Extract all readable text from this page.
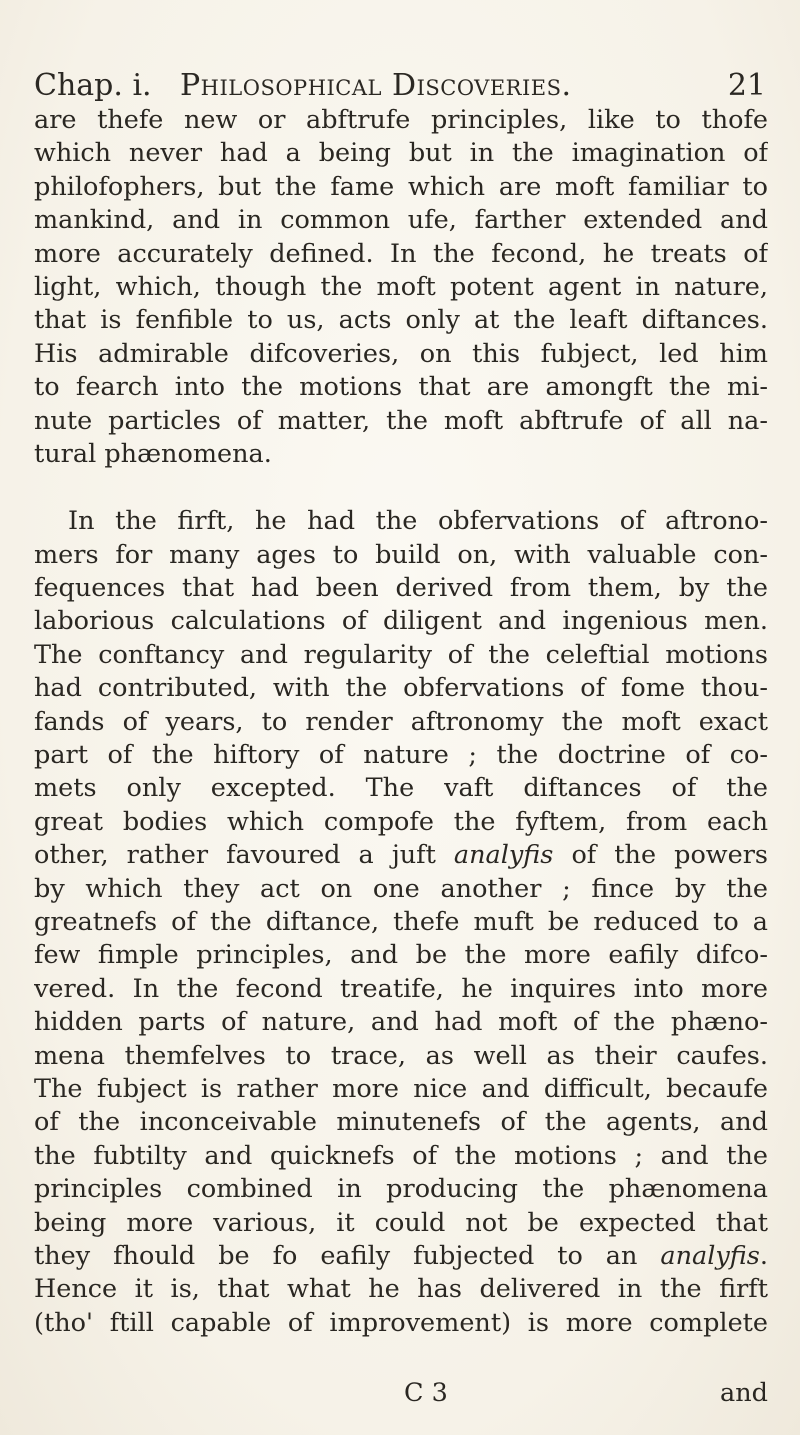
Chap. i. Philosophical Discoveries.	21
are thefe new or abftrufe principles, like to thofe
which never had a being but in the imagination of
philofophers, but the fame which are moft familiar to
mankind, and in common ufe, farther extended and
more accurately defined. In the fecond, he treats of
light, which, though the moft potent agent in nature,
that is fenfible to us, acts only at the leaft diftances.
His admirable difcoveries, on this fubject, led him
to fearch into the motions that are amongft the mi-
nute particles of matter, the moft abftrufe of all na-
tural phænomena.
In the firft, he had the obfervations of aftrono-
mers for many ages to build on, with valuable con-
fequences that had been derived from them, by the
laborious calculations of diligent and ingenious men.
The conftancy and regularity of the celeftial motions
had contributed, with the obfervations of fome thou-
fands of years, to render aftronomy the moft exact
part of the hiftory of nature ; the doctrine of co-
mets only excepted. The vaft diftances of the
great bodies which compofe the fyftem, from each
other, rather favoured a juft analyfis of the powers
by which they act on one another ; fince by the
greatnefs of the diftance, thefe muft be reduced to a
few fimple principles, and be the more eafily difco-
vered. In the fecond treatife, he inquires into more
hidden parts of nature, and had moft of the phæno-
mena themfelves to trace, as well as their caufes.
The fubject is rather more nice and difficult, becaufe
of the inconceivable minutenefs of the agents, and
the fubtilty and quicknefs of the motions ; and the
principles combined in producing the phænomena
being more various, it could not be expected that
they fhould be fo eafily fubjected to an analyfis.
Hence it is, that what he has delivered in the firft
(tho' ftill capable of improvement) is more complete
C 3	and
